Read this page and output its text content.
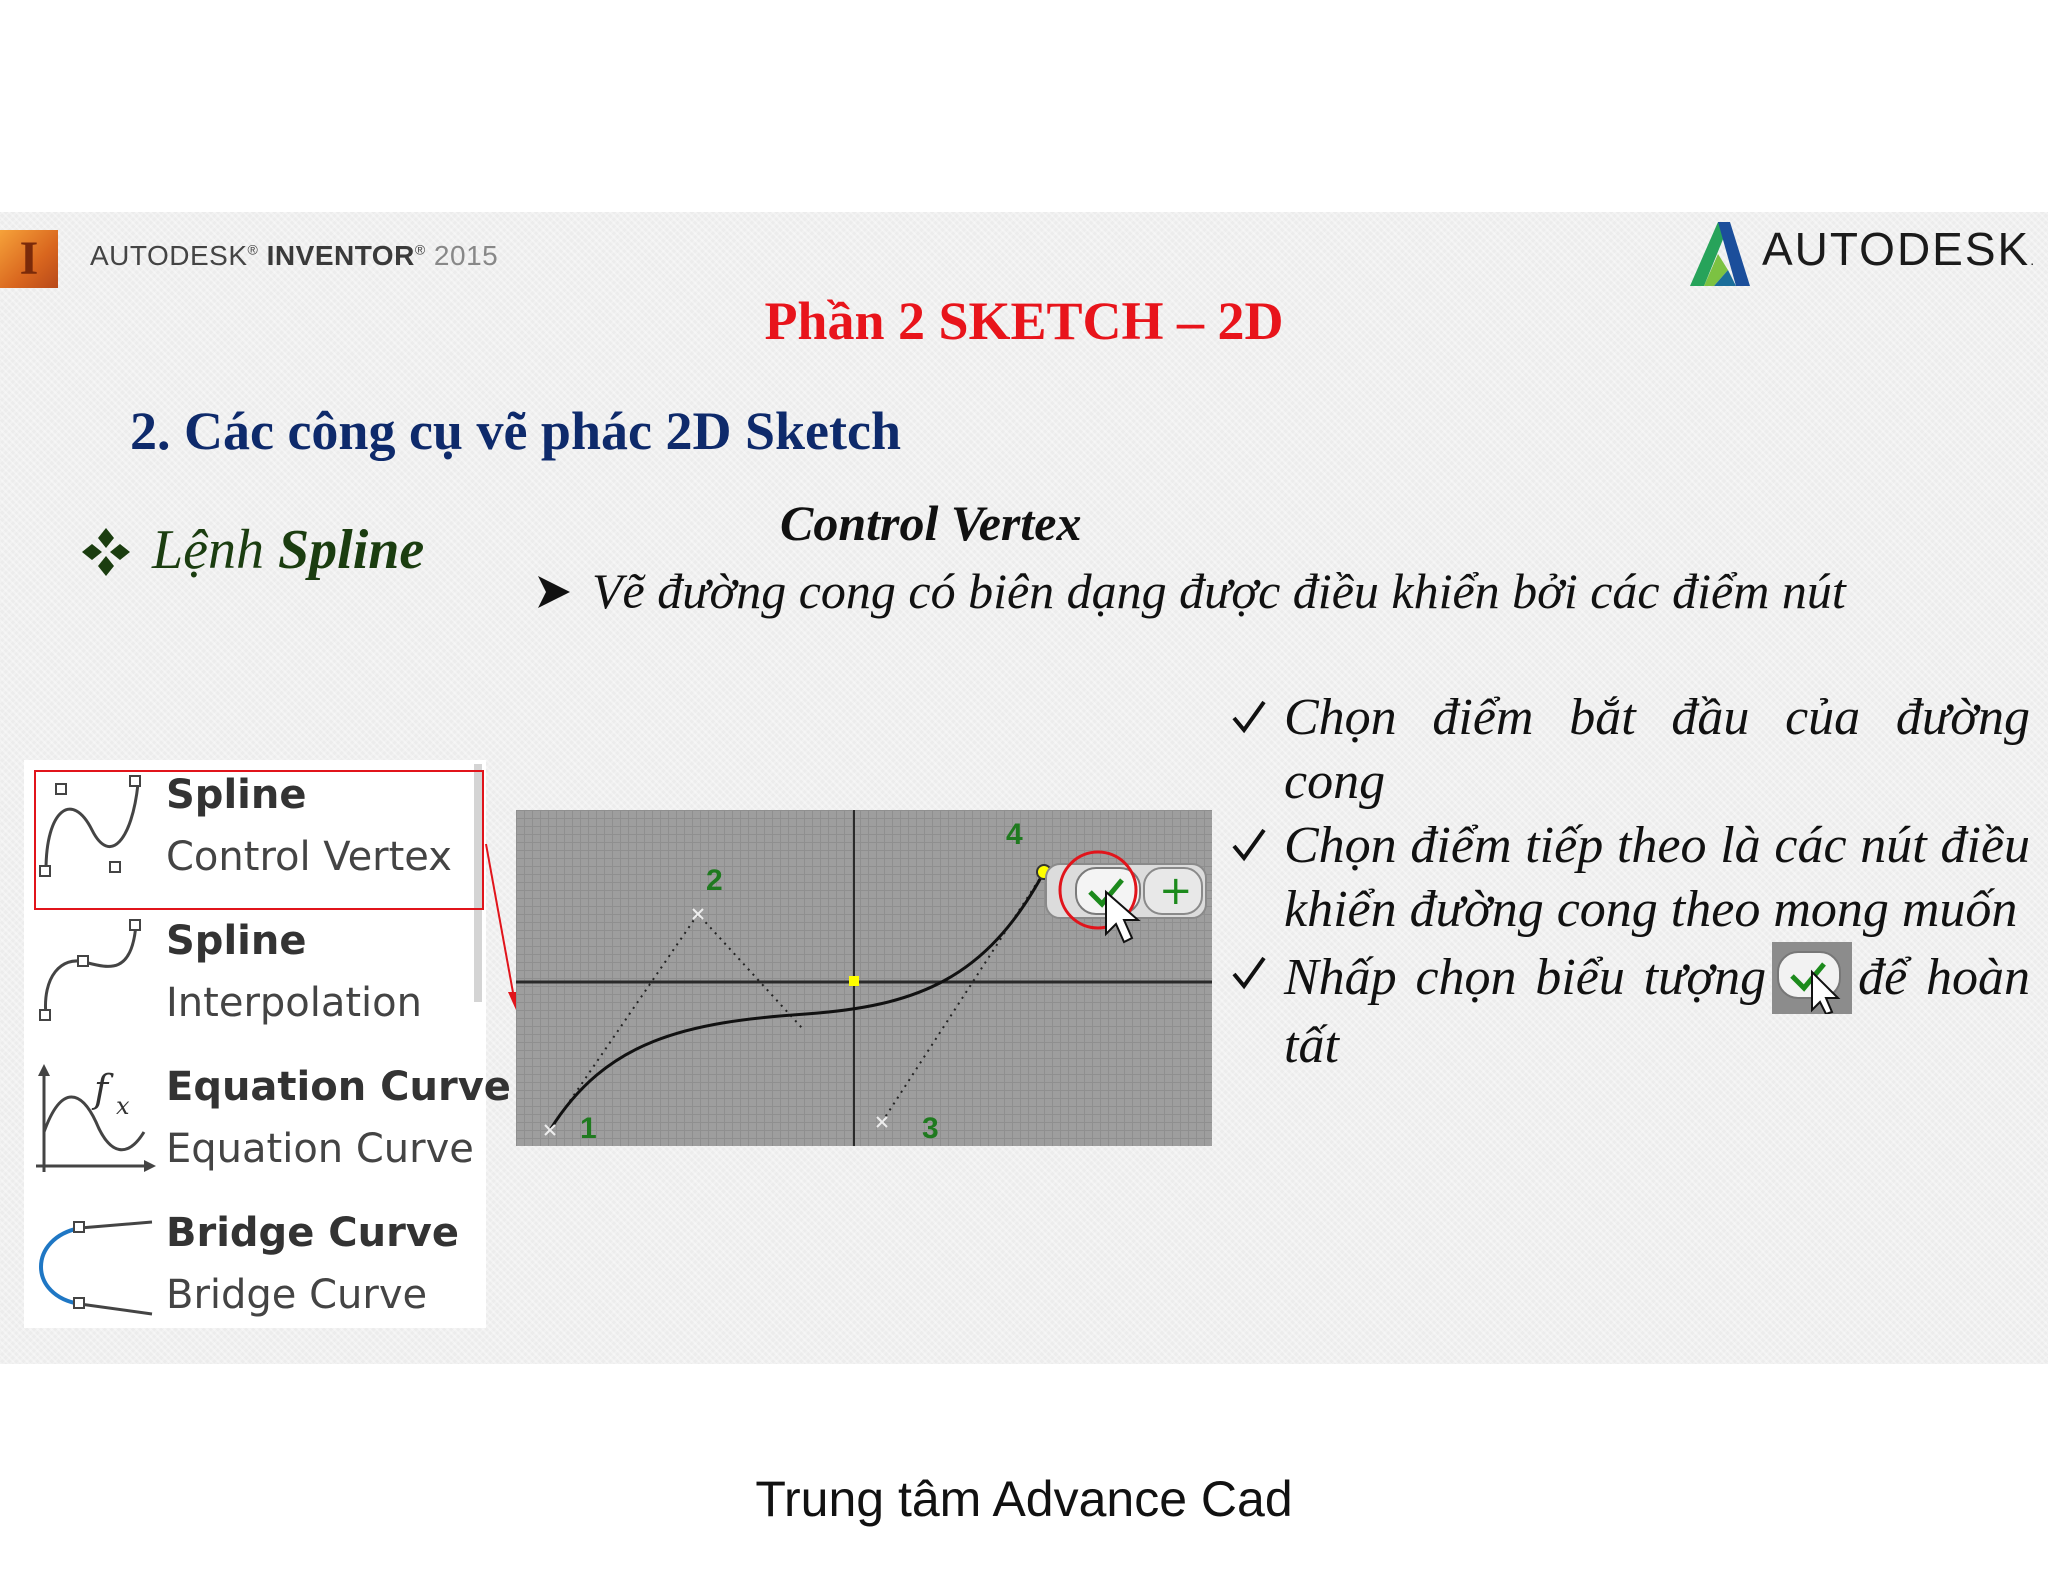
I	AUTODESK® INVENTOR® 2015	AUTODESK.
Phần 2 SKETCH – 2D
2. Các công cụ vẽ phác 2D Sketch
Lệnh Spline	Control Vertex
Vẽ đường cong có biên dạng được điều khiển bởi các điểm nút
Spline
Control Vertex
Spline
Interpolation
f x Equation Curve
Equation Curve
Bridge Curve
Bridge Curve
1
2
3
4
+
Chọn điểm bắt đầu của đường cong
Chọn điểm tiếp theo là các nút điều khiển đường cong theo mong muốn
Nhấp chọn biểu tượng để hoàn tất
Trung tâm Advance Cad
